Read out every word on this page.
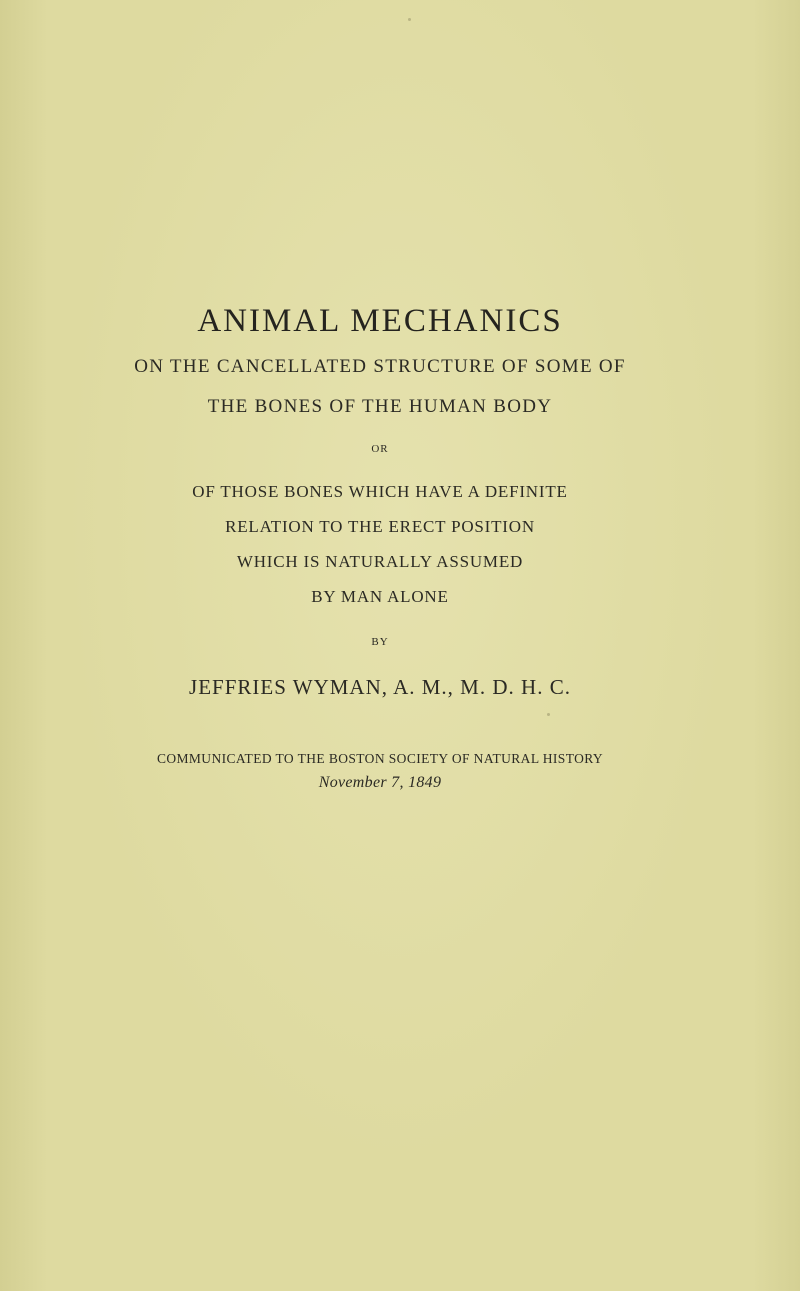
ANIMAL MECHANICS
ON THE CANCELLATED STRUCTURE OF SOME OF
THE BONES OF THE HUMAN BODY
OR
OF THOSE BONES WHICH HAVE A DEFINITE
RELATION TO THE ERECT POSITION
WHICH IS NATURALLY ASSUMED
BY MAN ALONE
BY
JEFFRIES WYMAN, A. M., M. D. H. C.
COMMUNICATED TO THE BOSTON SOCIETY OF NATURAL HISTORY
November 7, 1849
